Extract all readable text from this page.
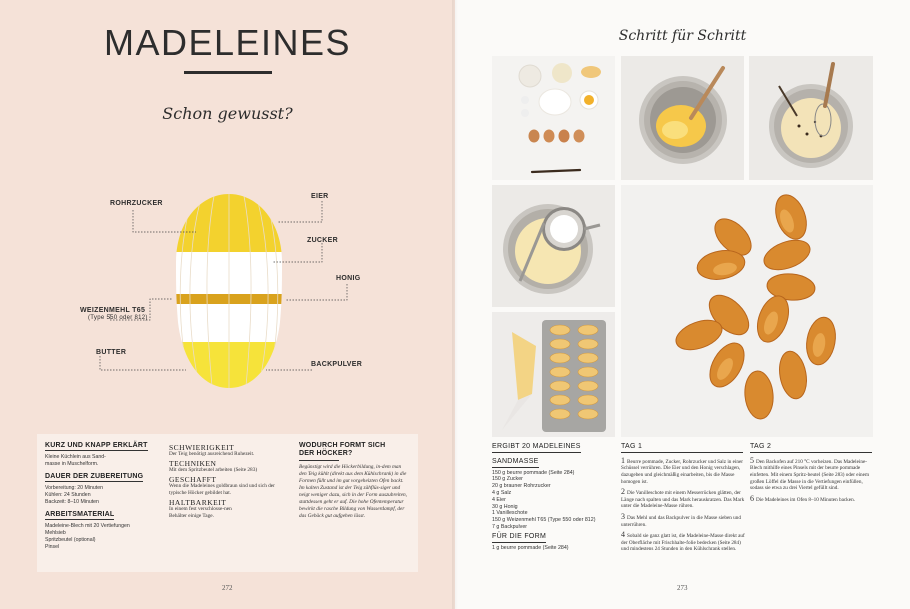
MADELEINES
Schon gewusst?
ROHRZUCKER
EIER
ZUCKER
HONIG
WEIZENMEHL T65
(Type 550 oder 812)
BUTTER
BACKPULVER
KURZ UND KNAPP ERKLÄRT
Kleine Küchlein aus Sand-masse in Muschelform.
DAUER DER ZUBEREITUNG
Vorbereitung: 20 Minuten
Kühlen: 24 Stunden
Backzeit: 8–10 Minuten
ARBEITSMATERIAL
Madeleine-Blech mit 20 Vertiefungen
Mehlsieb
Spritzbeutel (optional)
Pinsel
SCHWIERIGKEIT
Der Teig benötigt ausreichend Ruhezeit.
TECHNIKEN
Mit dem Spritzbeutel arbeiten (Seite 283)
GESCHAFFT
Wenn die Madeleines goldbraun sind und sich der typische Höcker gebildet hat.
HALTBARKEIT
In einem fest verschlosse-nen Behälter einige Tage.
WODURCH FORMT SICH DER HÖCKER?
Begünstigt wird die Höckerbildung, in-dem man den Teig kühlt (direkt aus dem Kühlschrank) in die Formen füllt und im gut vorgeheizten Ofen backt. Im kalten Zustand ist der Teig zähflüs-siger und neigt weniger dazu, sich in der Form auszubreiten, stattdessen geht er auf. Die hohe Ofentemperatur bewirkt die rasche Bildung von Wasserdampf, der das Gebäck gut aufgehen lässt.
272
Schritt für Schritt
ERGIBT 20 MADELEINES SANDMASSE
150 g beurre pommade (Seite 284)
150 g Zucker
20 g brauner Rohrzucker
4 g Salz
4 Eier
30 g Honig
1 Vanilleschote
150 g Weizenmehl T65 (Type 550 oder 812)
7 g Backpulver
FÜR DIE FORM
1 g beurre pommade (Seite 284)
TAG 1
1 Beurre pommade, Zucker, Rohrzucker und Salz in einer Schüssel verrühren. Die Eier und den Honig verschlagen, dazugeben und gleichmäßig einarbeiten, bis die Masse homogen ist.
2 Die Vanilleschote mit einem Messerrücken glätten, der Länge nach spalten und das Mark herauskratzen. Das Mark unter die Madeleine-Masse rühren.
3 Das Mehl und das Backpulver in die Masse sieben und unterrühren.
4 Sobald sie ganz glatt ist, die Madeleine-Masse direkt auf der Oberfläche mit Frischhalte-folie bedecken (Seite 284) und mindestens 24 Stunden in den Kühlschrank stellen.
TAG 2
5 Den Backofen auf 210 °C vorheizen. Das Madeleine-Blech mithilfe eines Pinsels mit der beurre pommade einfetten. Mit einem Spritz-beutel (Seite 283) oder einem großen Löffel die Masse in die Vertiefungen einfüllen, sodass sie etwa zu drei Viertel gefüllt sind.
6 Die Madeleines im Ofen 8–10 Minuten backen.
273
